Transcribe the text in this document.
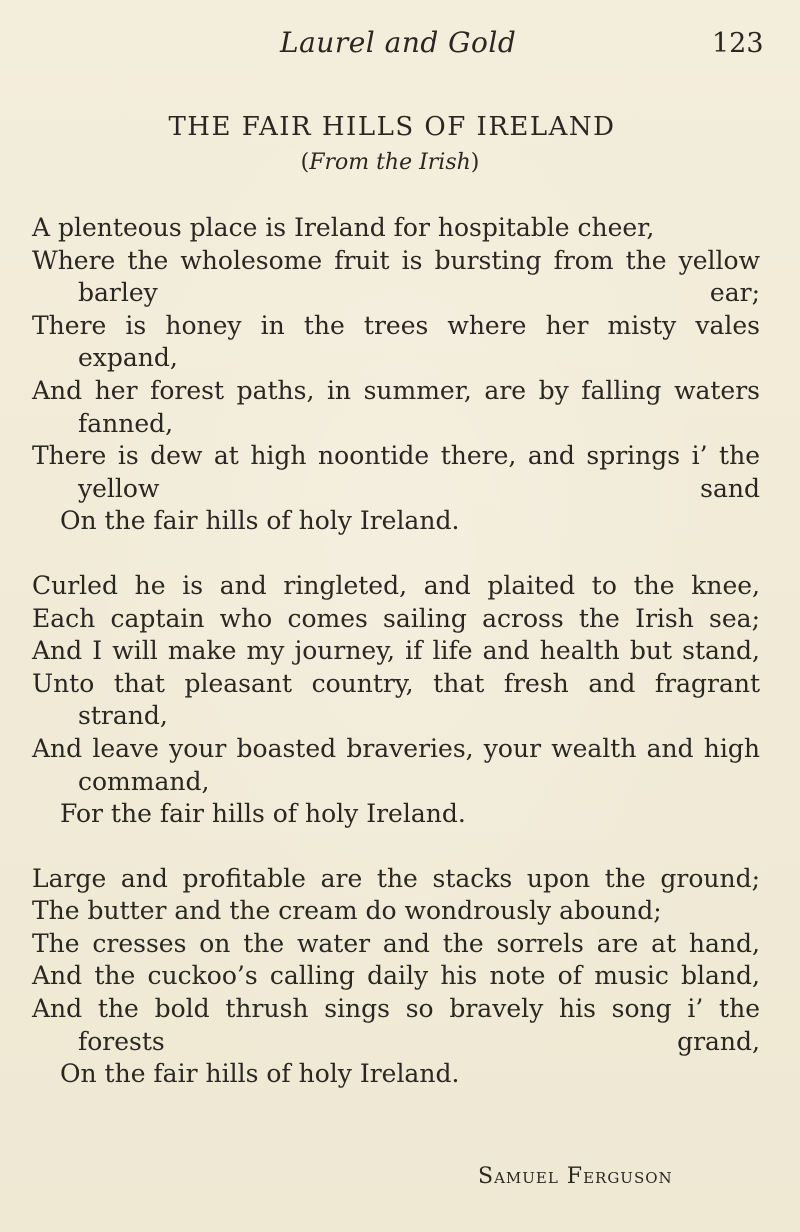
Laurel and Gold	123
THE FAIR HILLS OF IRELAND
(From the Irish)
A plenteous place is Ireland for hospitable cheer,
Where the wholesome fruit is bursting from the yellow barley ear;
There is honey in the trees where her misty vales expand,
And her forest paths, in summer, are by falling waters fanned,
There is dew at high noontide there, and springs i’ the yellow sand
On the fair hills of holy Ireland.
Curled he is and ringleted, and plaited to the knee,
Each captain who comes sailing across the Irish sea;
And I will make my journey, if life and health but stand,
Unto that pleasant country, that fresh and fragrant strand,
And leave your boasted braveries, your wealth and high command,
For the fair hills of holy Ireland.
Large and profitable are the stacks upon the ground;
The butter and the cream do wondrously abound;
The cresses on the water and the sorrels are at hand,
And the cuckoo’s calling daily his note of music bland,
And the bold thrush sings so bravely his song i’ the forests grand,
On the fair hills of holy Ireland.
Samuel Ferguson
